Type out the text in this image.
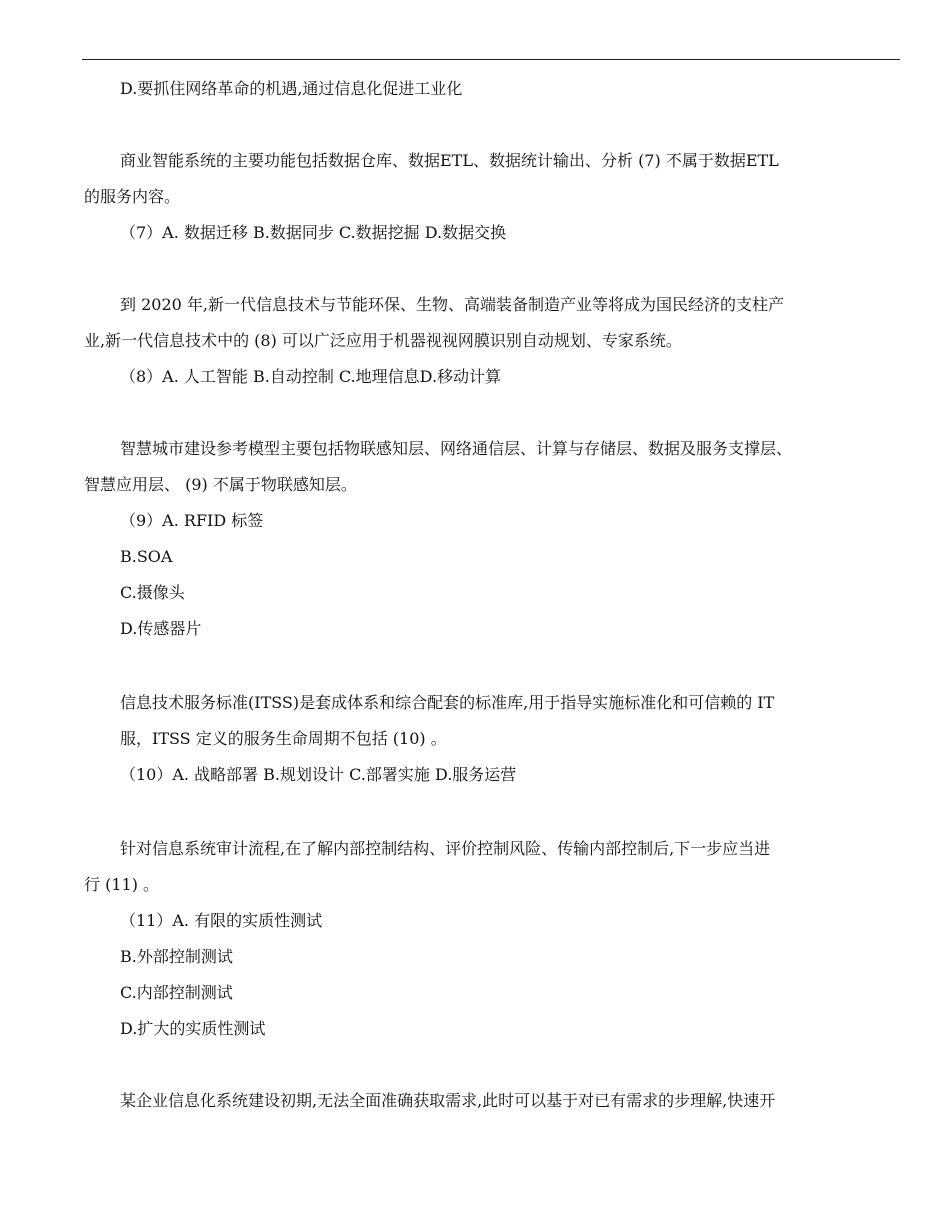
D.要抓住网络革命的机遇,通过信息化促进工业化
商业智能系统的主要功能包括数据仓库、数据ETL、数据统计输出、分析 (7) 不属于数据ETL
的服务内容。
（7）A. 数据迁移 B.数据同步 C.数据挖掘 D.数据交换
到 2020 年,新一代信息技术与节能环保、生物、高端装备制造产业等将成为国民经济的支柱产
业,新一代信息技术中的 (8) 可以广泛应用于机器视视网膜识别自动规划、专家系统。
（8）A. 人工智能 B.自动控制 C.地理信息D.移动计算
智慧城市建设参考模型主要包括物联感知层、网络通信层、计算与存储层、数据及服务支撑层、
智慧应用层、 (9) 不属于物联感知层。
（9）A. RFID 标签
B.SOA
C.摄像头
D.传感器片
信息技术服务标准(ITSS)是套成体系和综合配套的标准库,用于指导实施标准化和可信赖的 IT
服，ITSS 定义的服务生命周期不包括 (10) 。
（10）A. 战略部署 B.规划设计 C.部署实施 D.服务运营
针对信息系统审计流程,在了解内部控制结构、评价控制风险、传输内部控制后,下一步应当进
行 (11) 。
（11）A. 有限的实质性测试
B.外部控制测试
C.内部控制测试
D.扩大的实质性测试
某企业信息化系统建设初期,无法全面准确获取需求,此时可以基于对已有需求的步理解,快速开
